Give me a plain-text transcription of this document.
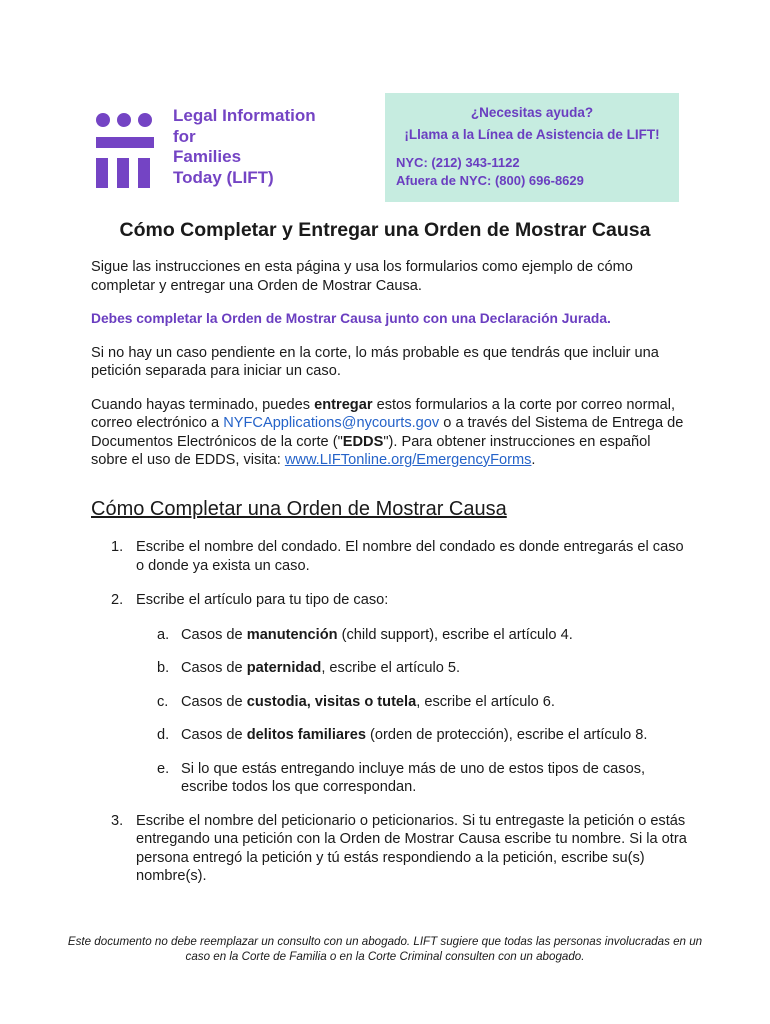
Legal Information
for
Families
Today (LIFT)
¿Necesitas ayuda?
¡Llama a la Línea de Asistencia de LIFT!
NYC: (212) 343-1122
Afuera de NYC: (800) 696-8629
Cómo Completar y Entregar una Orden de Mostrar Causa

Sigue las instrucciones en esta página y usa los formularios como ejemplo de cómo completar y entregar una Orden de Mostrar Causa.

Debes completar la Orden de Mostrar Causa junto con una Declaración Jurada.

Si no hay un caso pendiente en la corte, lo más probable es que tendrás que incluir una petición separada para iniciar un caso.

Cuando hayas terminado, puedes entregar estos formularios a la corte por correo normal, correo electrónico a NYFCApplications@nycourts.gov o a través del Sistema de Entrega de Documentos Electrónicos de la corte ("EDDS"). Para obtener instrucciones en español sobre el uso de EDDS, visita: www.LIFTonline.org/EmergencyForms.

Cómo Completar una Orden de Mostrar Causa
1. Escribe el nombre del condado. El nombre del condado es donde entregarás el caso o donde ya exista un caso.
2. Escribe el artículo para tu tipo de caso:
a. Casos de manutención (child support), escribe el artículo 4.
b. Casos de paternidad, escribe el artículo 5.
c. Casos de custodia, visitas o tutela, escribe el artículo 6.
d. Casos de delitos familiares (orden de protección), escribe el artículo 8.
e. Si lo que estás entregando incluye más de uno de estos tipos de casos, escribe todos los que correspondan.
3. Escribe el nombre del peticionario o peticionarios. Si tu entregaste la petición o estás entregando una petición con la Orden de Mostrar Causa escribe tu nombre. Si la otra persona entregó la petición y tú estás respondiendo a la petición, escribe su(s) nombre(s).
Este documento no debe reemplazar un consulto con un abogado. LIFT sugiere que todas las personas involucradas en un caso en la Corte de Familia o en la Corte Criminal consulten con un abogado.
